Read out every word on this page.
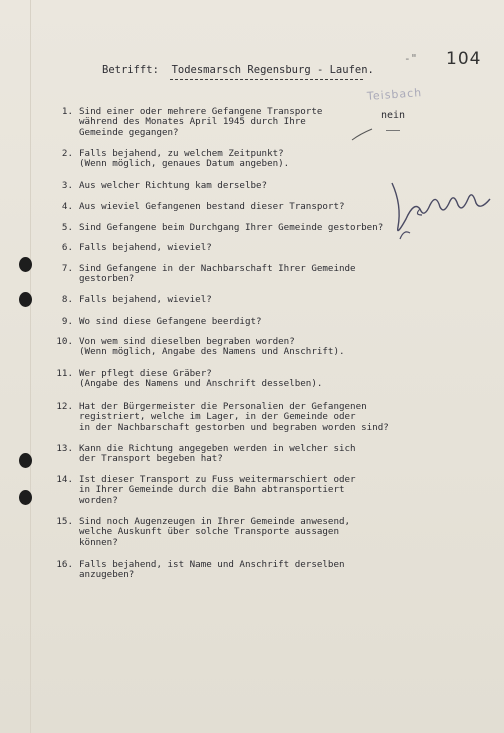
-" 104
Betrifft: Todesmarsch Regensburg - Laufen.
Teisbach
nein
1. Sind einer oder mehrere Gefangene Transporte
während des Monates April 1945 durch Ihre
Gemeinde gegangen?
2. Falls bejahend, zu welchem Zeitpunkt?
(Wenn möglich, genaues Datum angeben).
3. Aus welcher Richtung kam derselbe?
4. Aus wieviel Gefangenen bestand dieser Transport?
5. Sind Gefangene beim Durchgang Ihrer Gemeinde gestorben?
6. Falls bejahend, wieviel?
7. Sind Gefangene in der Nachbarschaft Ihrer Gemeinde
gestorben?
8. Falls bejahend, wieviel?
9. Wo sind diese Gefangene beerdigt?
10. Von wem sind dieselben begraben worden?
(Wenn möglich, Angabe des Namens und Anschrift).
11. Wer pflegt diese Gräber?
(Angabe des Namens und Anschrift desselben).
12. Hat der Bürgermeister die Personalien der Gefangenen
registriert, welche im Lager, in der Gemeinde oder
in der Nachbarschaft gestorben und begraben worden sind?
13. Kann die Richtung angegeben werden in welcher sich
der Transport begeben hat?
14. Ist dieser Transport zu Fuss weitermarschiert oder
in Ihrer Gemeinde durch die Bahn abtransportiert
worden?
15. Sind noch Augenzeugen in Ihrer Gemeinde anwesend,
welche Auskunft über solche Transporte aussagen
können?
16. Falls bejahend, ist Name und Anschrift derselben
anzugeben?
